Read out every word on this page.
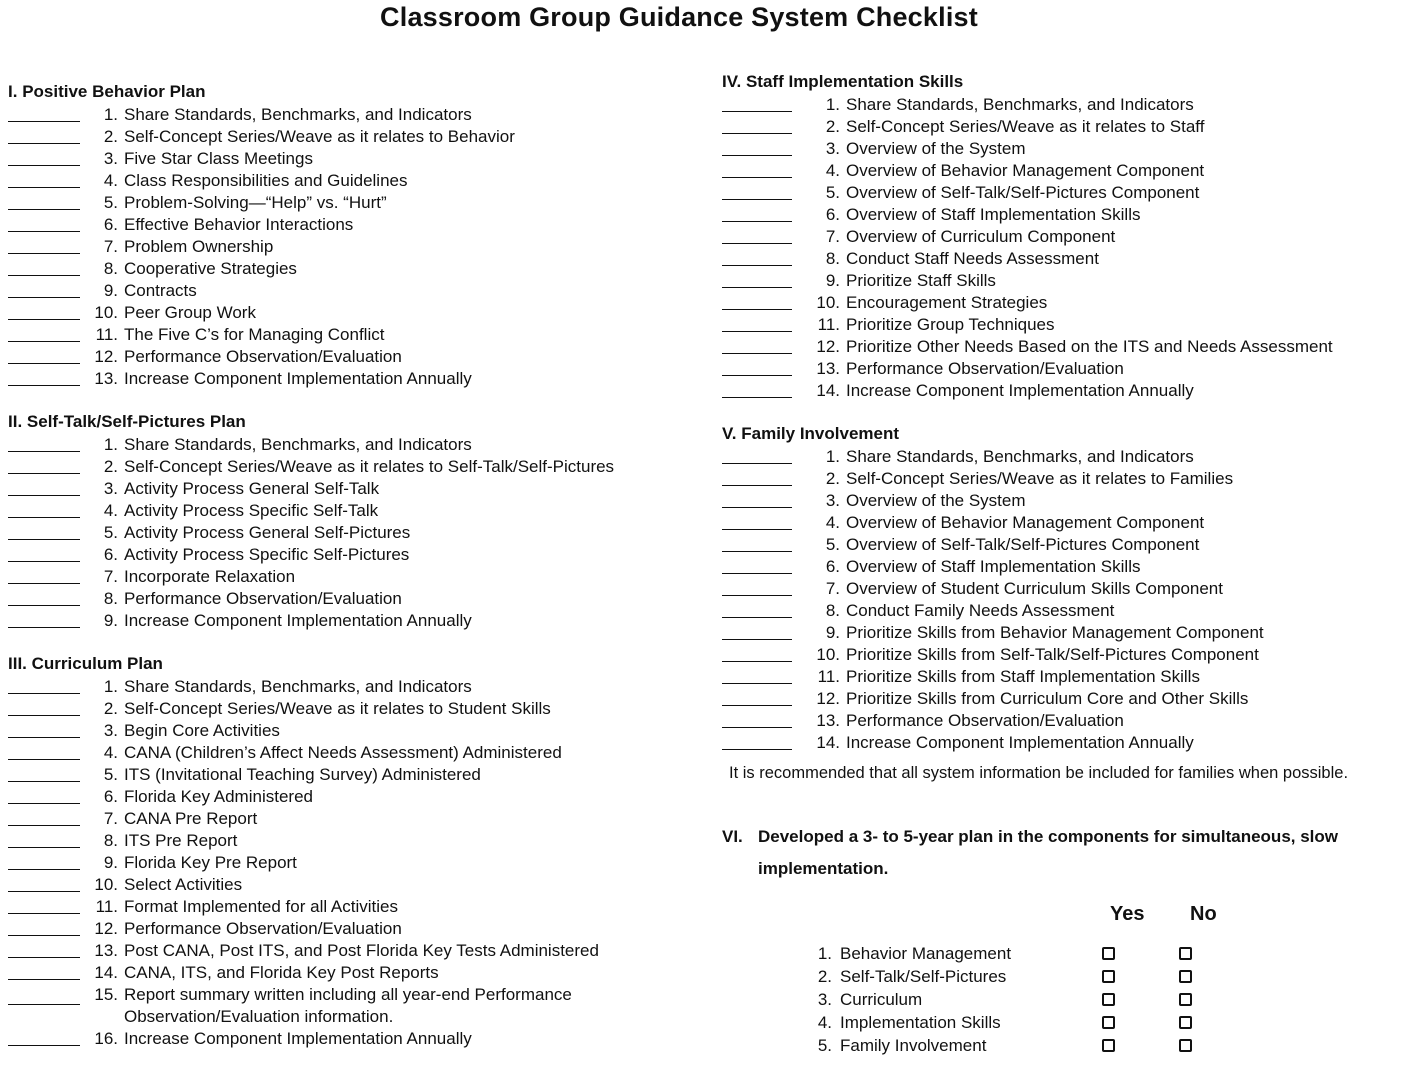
Classroom Group Guidance System Checklist
I. Positive Behavior Plan
1. Share Standards, Benchmarks, and Indicators
2. Self-Concept Series/Weave as it relates to Behavior
3. Five Star Class Meetings
4. Class Responsibilities and Guidelines
5. Problem-Solving—“Help” vs. “Hurt”
6. Effective Behavior Interactions
7. Problem Ownership
8. Cooperative Strategies
9. Contracts
10. Peer Group Work
11. The Five C’s for Managing Conflict
12. Performance Observation/Evaluation
13. Increase Component Implementation Annually
II. Self-Talk/Self-Pictures Plan
1. Share Standards, Benchmarks, and Indicators
2. Self-Concept Series/Weave as it relates to Self-Talk/Self-Pictures
3. Activity Process General Self-Talk
4. Activity Process Specific Self-Talk
5. Activity Process General Self-Pictures
6. Activity Process Specific Self-Pictures
7. Incorporate Relaxation
8. Performance Observation/Evaluation
9. Increase Component Implementation Annually
III. Curriculum Plan
1. Share Standards, Benchmarks, and Indicators
2. Self-Concept Series/Weave as it relates to Student Skills
3. Begin Core Activities
4. CANA (Children’s Affect Needs Assessment) Administered
5. ITS (Invitational Teaching Survey) Administered
6. Florida Key Administered
7. CANA Pre Report
8. ITS Pre Report
9. Florida Key Pre Report
10. Select Activities
11. Format Implemented for all Activities
12. Performance Observation/Evaluation
13. Post CANA, Post ITS, and Post Florida Key Tests Administered
14. CANA, ITS, and Florida Key Post Reports
15. Report summary written including all year-end Performance Observation/Evaluation information.
16. Increase Component Implementation Annually
IV. Staff Implementation Skills
1. Share Standards, Benchmarks, and Indicators
2. Self-Concept Series/Weave as it relates to Staff
3. Overview of the System
4. Overview of Behavior Management Component
5. Overview of Self-Talk/Self-Pictures Component
6. Overview of Staff Implementation Skills
7. Overview of Curriculum Component
8. Conduct Staff Needs Assessment
9. Prioritize Staff Skills
10. Encouragement Strategies
11. Prioritize Group Techniques
12. Prioritize Other Needs Based on the ITS and Needs Assessment
13. Performance Observation/Evaluation
14. Increase Component Implementation Annually
V. Family Involvement
1. Share Standards, Benchmarks, and Indicators
2. Self-Concept Series/Weave as it relates to Families
3. Overview of the System
4. Overview of Behavior Management Component
5. Overview of Self-Talk/Self-Pictures Component
6. Overview of Staff Implementation Skills
7. Overview of Student Curriculum Skills Component
8. Conduct Family Needs Assessment
9. Prioritize Skills from Behavior Management Component
10. Prioritize Skills from Self-Talk/Self-Pictures Component
11. Prioritize Skills from Staff Implementation Skills
12. Prioritize Skills from Curriculum Core and Other Skills
13. Performance Observation/Evaluation
14. Increase Component Implementation Annually
It is recommended that all system information be included for families when possible.
VI. Developed a 3- to 5-year plan in the components for simultaneous, slow implementation.
Yes	No
1. Behavior Management
2. Self-Talk/Self-Pictures
3. Curriculum
4. Implementation Skills
5. Family Involvement
